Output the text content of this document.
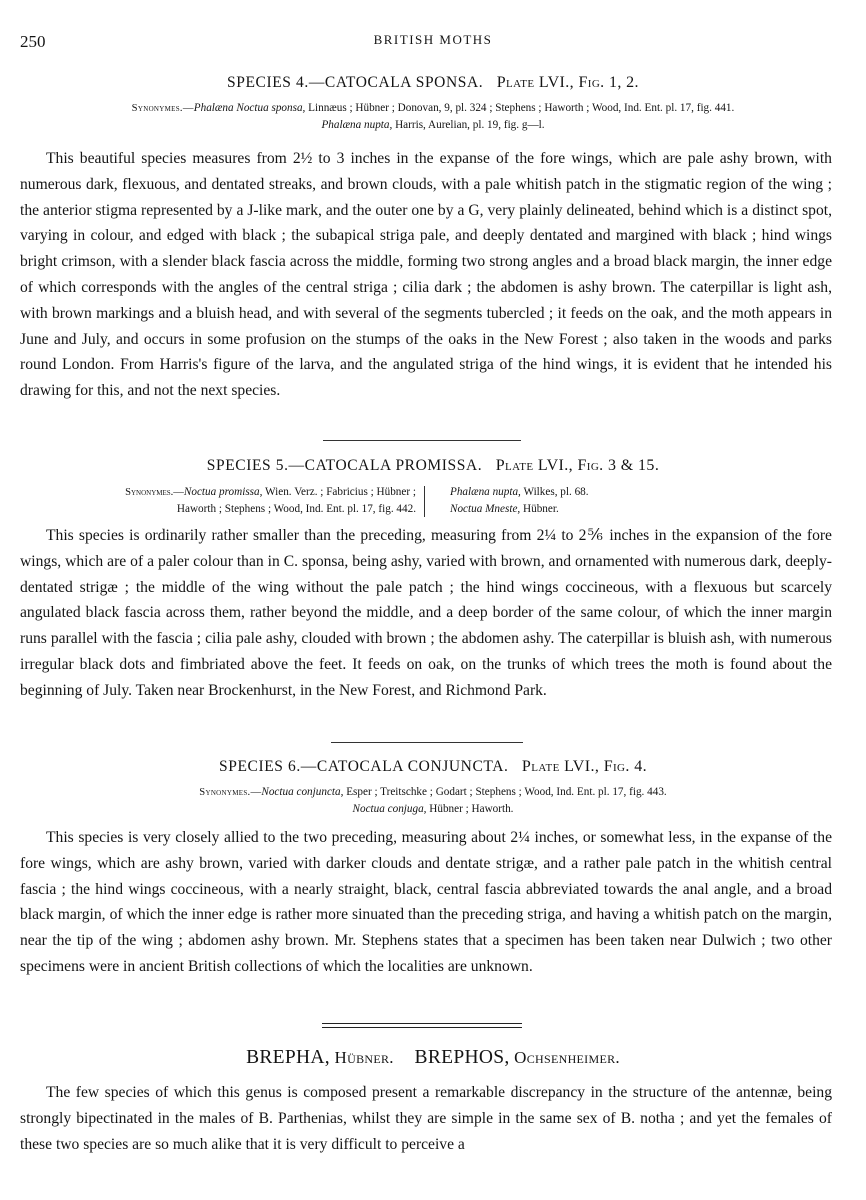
250	BRITISH MOTHS
SPECIES 4.—CATOCALA SPONSA. Plate LVI., Fig. 1, 2.
Synonymes.—Phalæna Noctua sponsa, Linnæus ; Hübner ; Donovan, 9, pl. 324 ; Stephens ; Haworth ; Wood, Ind. Ent. pl. 17, fig. 441.
Phalæna nupta, Harris, Aurelian, pl. 19, fig. g—l.

This beautiful species measures from 2½ to 3 inches in the expanse of the fore wings, which are pale ashy brown, with numerous dark, flexuous, and dentated streaks, and brown clouds, with a pale whitish patch in the stigmatic region of the wing ; the anterior stigma represented by a J-like mark, and the outer one by a G, very plainly delineated, behind which is a distinct spot, varying in colour, and edged with black ; the subapical striga pale, and deeply dentated and margined with black ; hind wings bright crimson, with a slender black fascia across the middle, forming two strong angles and a broad black margin, the inner edge of which corresponds with the angles of the central striga ; cilia dark ; the abdomen is ashy brown. The caterpillar is light ash, with brown markings and a bluish head, and with several of the segments tubercled ; it feeds on the oak, and the moth appears in June and July, and occurs in some profusion on the stumps of the oaks in the New Forest ; also taken in the woods and parks round London. From Harris's figure of the larva, and the angulated striga of the hind wings, it is evident that he intended his drawing for this, and not the next species.

SPECIES 5.—CATOCALA PROMISSA. Plate LVI., Fig. 3 & 15.
Synonymes.—Noctua promissa, Wien. Verz. ; Fabricius ; Hübner ;
Haworth ; Stephens ; Wood, Ind. Ent. pl. 17, fig. 442.
Phalæna nupta, Wilkes, pl. 68.
Noctua Mneste, Hübner.

This species is ordinarily rather smaller than the preceding, measuring from 2¼ to 2⅚ inches in the expansion of the fore wings, which are of a paler colour than in C. sponsa, being ashy, varied with brown, and ornamented with numerous dark, deeply-dentated strigæ ; the middle of the wing without the pale patch ; the hind wings coccineous, with a flexuous but scarcely angulated black fascia across them, rather beyond the middle, and a deep border of the same colour, of which the inner margin runs parallel with the fascia ; cilia pale ashy, clouded with brown ; the abdomen ashy. The caterpillar is bluish ash, with numerous irregular black dots and fimbriated above the feet. It feeds on oak, on the trunks of which trees the moth is found about the beginning of July. Taken near Brockenhurst, in the New Forest, and Richmond Park.

SPECIES 6.—CATOCALA CONJUNCTA. Plate LVI., Fig. 4.
Synonymes.—Noctua conjuncta, Esper ; Treitschke ; Godart ; Stephens ; Wood, Ind. Ent. pl. 17, fig. 443.
Noctua conjuga, Hübner ; Haworth.

This species is very closely allied to the two preceding, measuring about 2¼ inches, or somewhat less, in the expanse of the fore wings, which are ashy brown, varied with darker clouds and dentate strigæ, and a rather pale patch in the whitish central fascia ; the hind wings coccineous, with a nearly straight, black, central fascia abbreviated towards the anal angle, and a broad black margin, of which the inner edge is rather more sinuated than the preceding striga, and having a whitish patch on the margin, near the tip of the wing ; abdomen ashy brown. Mr. Stephens states that a specimen has been taken near Dulwich ; two other specimens were in ancient British collections of which the localities are unknown.

BREPHA, Hübner. BREPHOS, Ochsenheimer.

The few species of which this genus is composed present a remarkable discrepancy in the structure of the antennæ, being strongly bipectinated in the males of B. Parthenias, whilst they are simple in the same sex of B. notha ; and yet the females of these two species are so much alike that it is very difficult to perceive a
